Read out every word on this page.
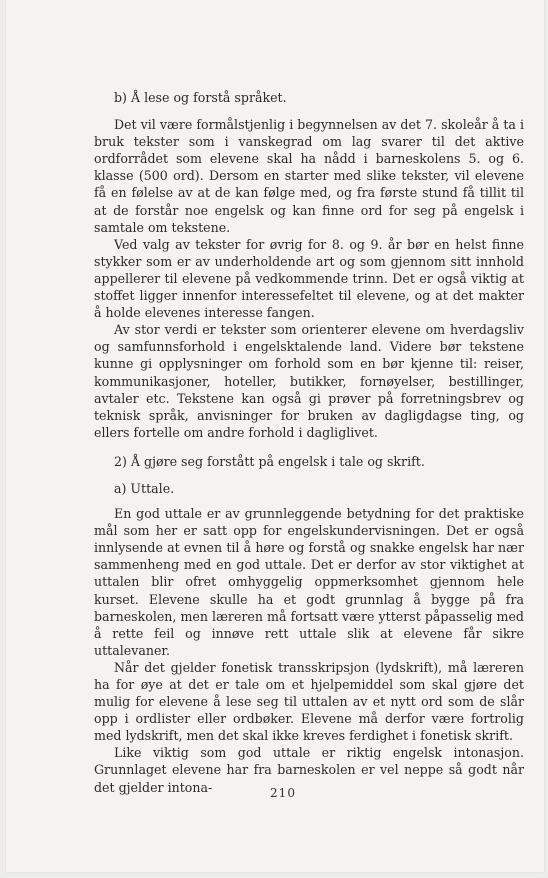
b) Å lese og forstå språket.

Det vil være formålstjenlig i begynnelsen av det 7. skoleår å ta i bruk tekster som i vanskegrad om lag svarer til det aktive ordforrådet som elevene skal ha nådd i barneskolens 5. og 6. klasse (500 ord). Dersom en starter med slike tekster, vil elevene få en følelse av at de kan følge med, og fra første stund få tillit til at de forstår noe engelsk og kan finne ord for seg på engelsk i samtale om tekstene.

Ved valg av tekster for øvrig for 8. og 9. år bør en helst finne stykker som er av underholdende art og som gjennom sitt innhold appellerer til elevene på vedkommende trinn. Det er også viktig at stoffet ligger innenfor interessefeltet til elevene, og at det makter å holde elevenes interesse fangen.

Av stor verdi er tekster som orienterer elevene om hverdagsliv og samfunnsforhold i engelsktalende land. Videre bør tekstene kunne gi opplysninger om forhold som en bør kjenne til: reiser, kommunikasjoner, hoteller, butikker, fornøyelser, bestillinger, avtaler etc. Tekstene kan også gi prøver på forretningsbrev og teknisk språk, anvisninger for bruken av dagligdagse ting, og ellers fortelle om andre forhold i dagliglivet.

2) Å gjøre seg forstått på engelsk i tale og skrift.
a) Uttale.

En god uttale er av grunnleggende betydning for det praktiske mål som her er satt opp for engelskundervisningen. Det er også innlysende at evnen til å høre og forstå og snakke engelsk har nær sammenheng med en god uttale. Det er derfor av stor viktighet at uttalen blir ofret omhyggelig oppmerksomhet gjennom hele kurset. Elevene skulle ha et godt grunnlag å bygge på fra barneskolen, men læreren må fortsatt være ytterst påpasselig med å rette feil og innøve rett uttale slik at elevene får sikre uttalevaner.

Når det gjelder fonetisk transskripsjon (lydskrift), må læreren ha for øye at det er tale om et hjelpemiddel som skal gjøre det mulig for elevene å lese seg til uttalen av et nytt ord som de slår opp i ordlister eller ordbøker. Elevene må derfor være fortrolig med lydskrift, men det skal ikke kreves ferdighet i fonetisk skrift.

Like viktig som god uttale er riktig engelsk intonasjon. Grunnlaget elevene har fra barneskolen er vel neppe så godt når det gjelder intona-	210
